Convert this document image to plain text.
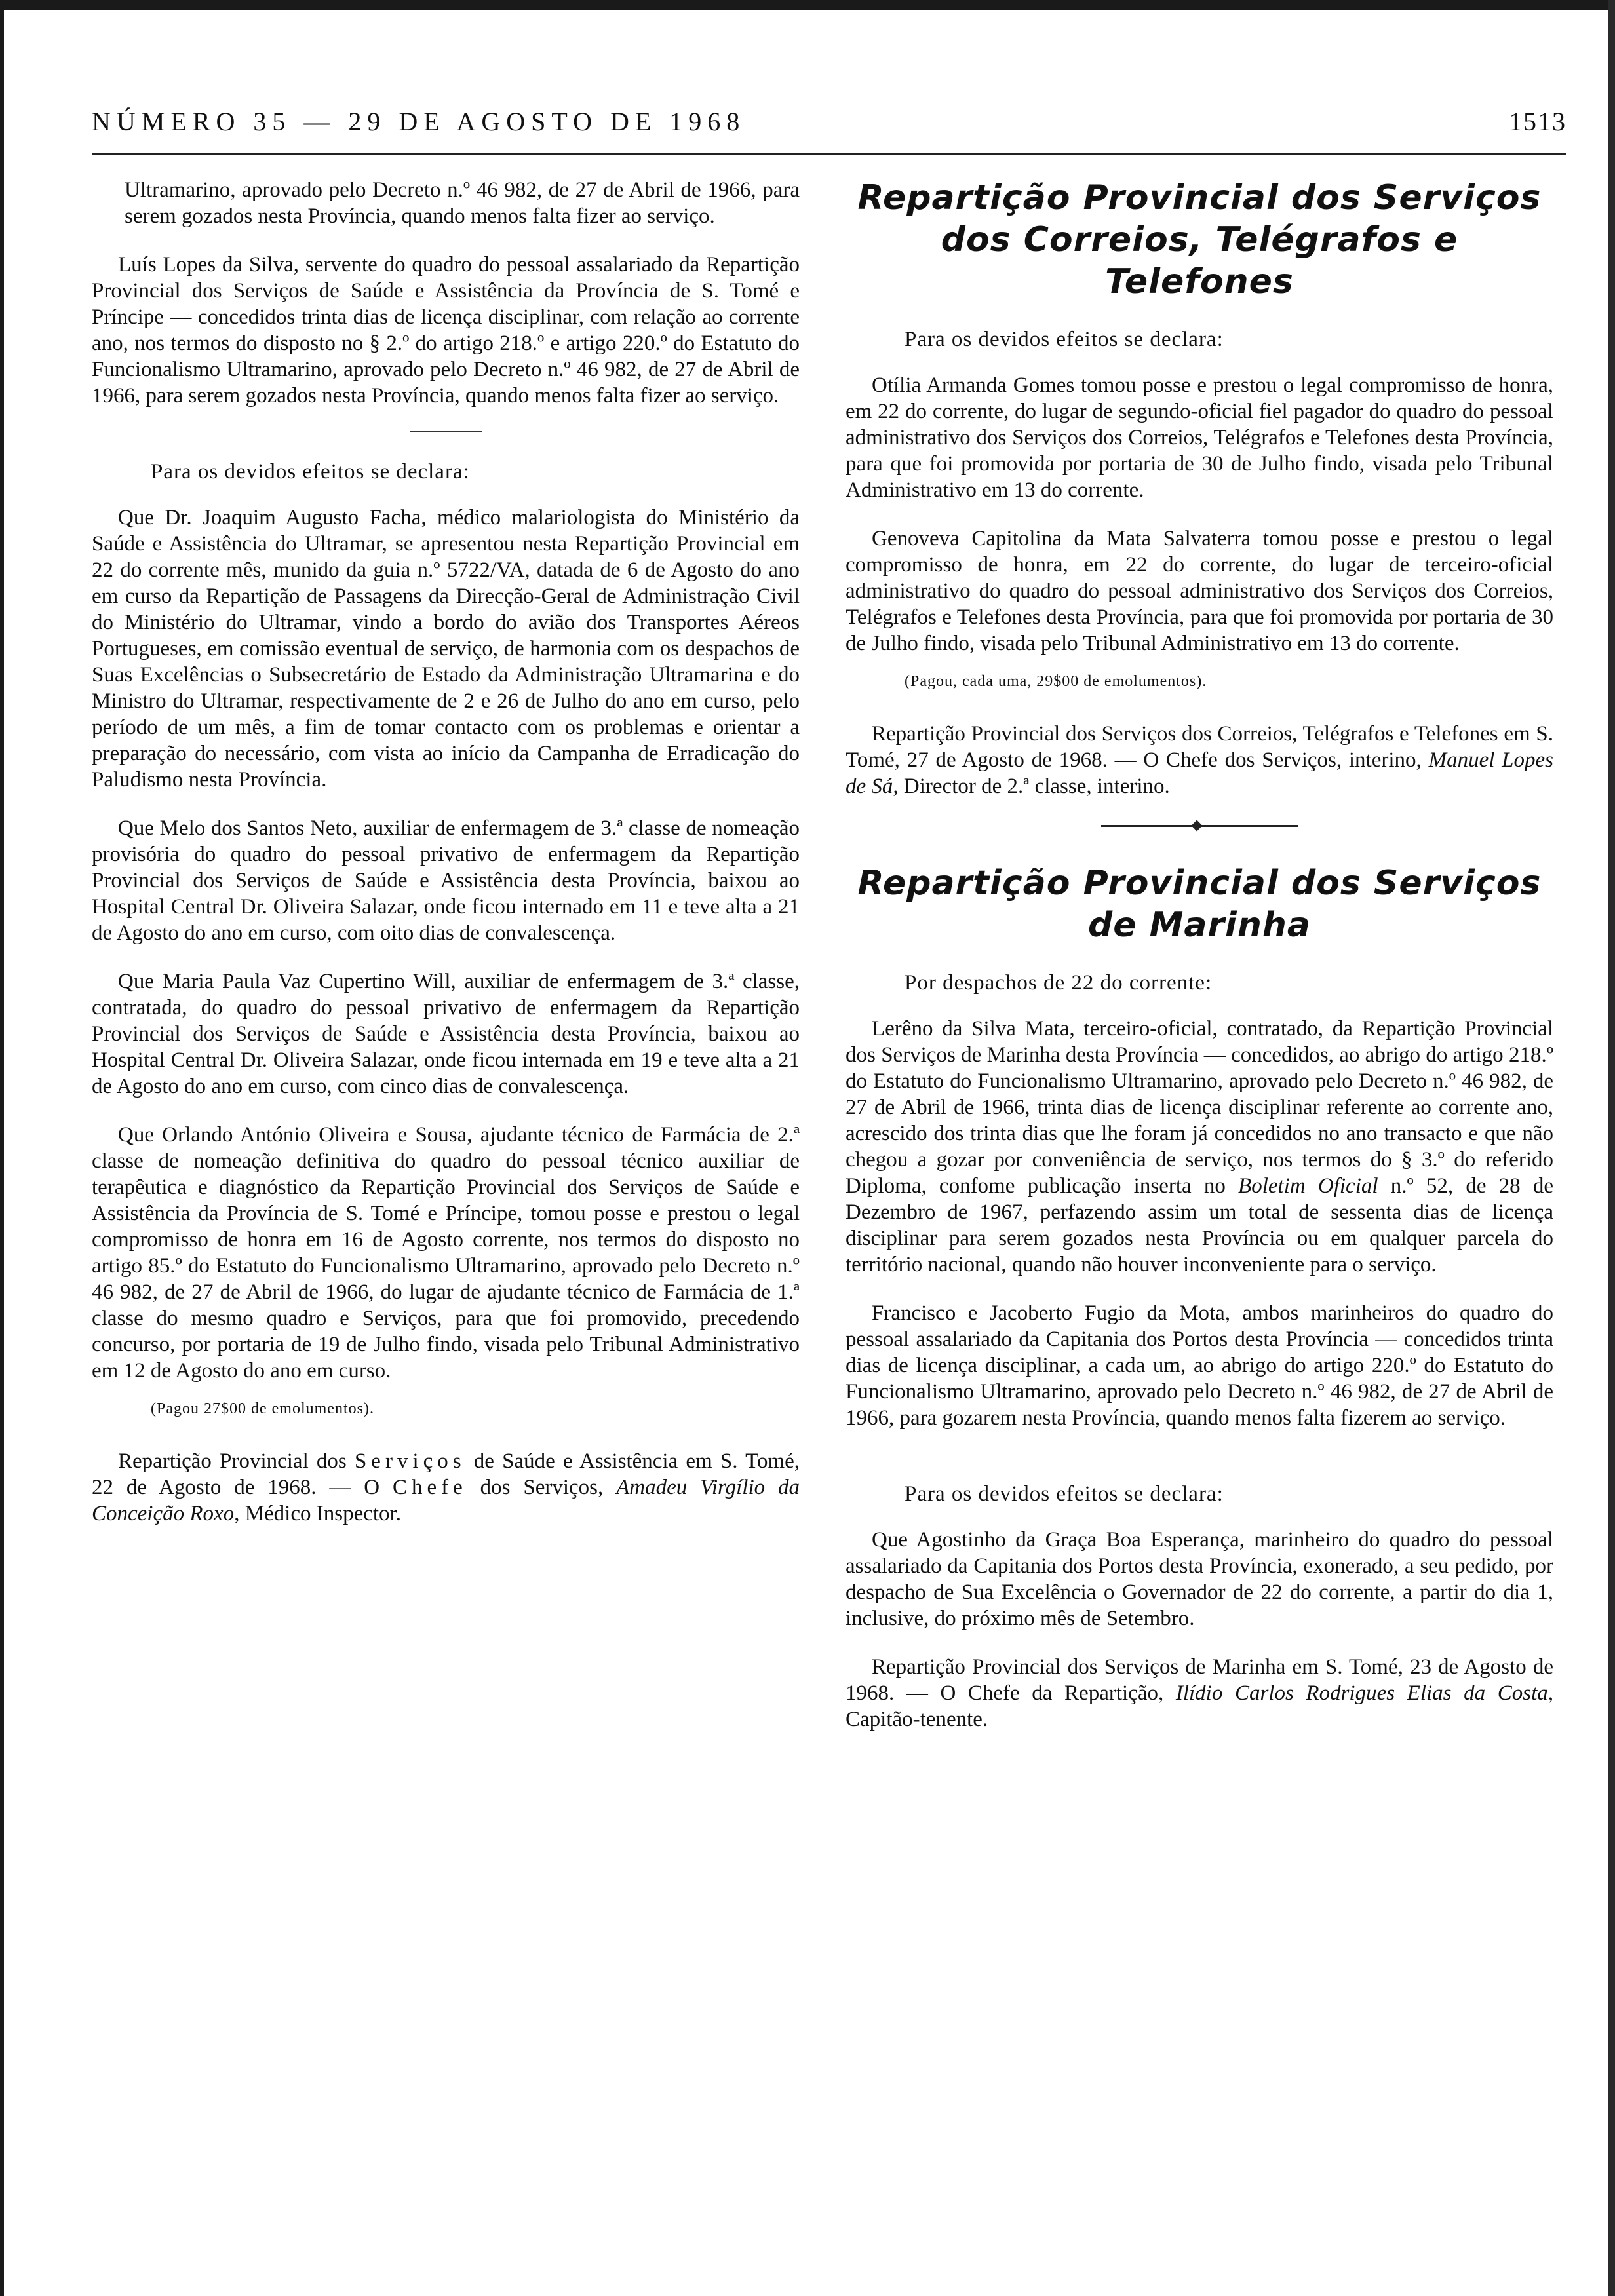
NÚMERO 35 — 29 DE AGOSTO DE 1968	1513

Ultramarino, aprovado pelo Decreto n.º 46 982, de 27 de Abril de 1966, para serem gozados nesta Província, quando menos falta fizer ao serviço.

Luís Lopes da Silva, servente do quadro do pessoal assalariado da Repartição Provincial dos Serviços de Saúde e Assistência da Província de S. Tomé e Príncipe — concedidos trinta dias de licença disciplinar, com relação ao corrente ano, nos termos do disposto no § 2.º do artigo 218.º e artigo 220.º do Estatuto do Funcionalismo Ultramarino, aprovado pelo Decreto n.º 46 982, de 27 de Abril de 1966, para serem gozados nesta Província, quando menos falta fizer ao serviço.

Para os devidos efeitos se declara:

Que Dr. Joaquim Augusto Facha, médico malariologista do Ministério da Saúde e Assistência do Ultramar, se apresentou nesta Repartição Provincial em 22 do corrente mês, munido da guia n.º 5722/VA, datada de 6 de Agosto do ano em curso da Repartição de Passagens da Direcção-Geral de Administração Civil do Ministério do Ultramar, vindo a bordo do avião dos Transportes Aéreos Portugueses, em comissão eventual de serviço, de harmonia com os despachos de Suas Excelências o Subsecretário de Estado da Administração Ultramarina e do Ministro do Ultramar, respectivamente de 2 e 26 de Julho do ano em curso, pelo período de um mês, a fim de tomar contacto com os problemas e orientar a preparação do necessário, com vista ao início da Campanha de Erradicação do Paludismo nesta Província.

Que Melo dos Santos Neto, auxiliar de enfermagem de 3.ª classe de nomeação provisória do quadro do pessoal privativo de enfermagem da Repartição Provincial dos Serviços de Saúde e Assistência desta Província, baixou ao Hospital Central Dr. Oliveira Salazar, onde ficou internado em 11 e teve alta a 21 de Agosto do ano em curso, com oito dias de convalescença.

Que Maria Paula Vaz Cupertino Will, auxiliar de enfermagem de 3.ª classe, contratada, do quadro do pessoal privativo de enfermagem da Repartição Provincial dos Serviços de Saúde e Assistência desta Província, baixou ao Hospital Central Dr. Oliveira Salazar, onde ficou internada em 19 e teve alta a 21 de Agosto do ano em curso, com cinco dias de convalescença.

Que Orlando António Oliveira e Sousa, ajudante técnico de Farmácia de 2.ª classe de nomeação definitiva do quadro do pessoal técnico auxiliar de terapêutica e diagnóstico da Repartição Provincial dos Serviços de Saúde e Assistência da Província de S. Tomé e Príncipe, tomou posse e prestou o legal compromisso de honra em 16 de Agosto corrente, nos termos do disposto no artigo 85.º do Estatuto do Funcionalismo Ultramarino, aprovado pelo Decreto n.º 46 982, de 27 de Abril de 1966, do lugar de ajudante técnico de Farmácia de 1.ª classe do mesmo quadro e Serviços, para que foi promovido, precedendo concurso, por portaria de 19 de Julho findo, visada pelo Tribunal Administrativo em 12 de Agosto do ano em curso.

(Pagou 27$00 de emolumentos).

Repartição Provincial dos Serviços de Saúde e Assistência em S. Tomé, 22 de Agosto de 1968. — O Chefe dos Serviços, Amadeu Virgílio da Conceição Roxo, Médico Inspector.

Repartição Provincial dos Serviços dos Correios, Telégrafos e Telefones

Para os devidos efeitos se declara:

Otília Armanda Gomes tomou posse e prestou o legal compromisso de honra, em 22 do corrente, do lugar de segundo-oficial fiel pagador do quadro do pessoal administrativo dos Serviços dos Correios, Telégrafos e Telefones desta Província, para que foi promovida por portaria de 30 de Julho findo, visada pelo Tribunal Administrativo em 13 do corrente.

Genoveva Capitolina da Mata Salvaterra tomou posse e prestou o legal compromisso de honra, em 22 do corrente, do lugar de terceiro-oficial administrativo do quadro do pessoal administrativo dos Serviços dos Correios, Telégrafos e Telefones desta Província, para que foi promovida por portaria de 30 de Julho findo, visada pelo Tribunal Administrativo em 13 do corrente.

(Pagou, cada uma, 29$00 de emolumentos).

Repartição Provincial dos Serviços dos Correios, Telégrafos e Telefones em S. Tomé, 27 de Agosto de 1968. — O Chefe dos Serviços, interino, Manuel Lopes de Sá, Director de 2.ª classe, interino.

Repartição Provincial dos Serviços de Marinha

Por despachos de 22 do corrente:

Lerêno da Silva Mata, terceiro-oficial, contratado, da Repartição Provincial dos Serviços de Marinha desta Província — concedidos, ao abrigo do artigo 218.º do Estatuto do Funcionalismo Ultramarino, aprovado pelo Decreto n.º 46 982, de 27 de Abril de 1966, trinta dias de licença disciplinar referente ao corrente ano, acrescido dos trinta dias que lhe foram já concedidos no ano transacto e que não chegou a gozar por conveniência de serviço, nos termos do § 3.º do referido Diploma, confome publicação inserta no Boletim Oficial n.º 52, de 28 de Dezembro de 1967, perfazendo assim um total de sessenta dias de licença disciplinar para serem gozados nesta Província ou em qualquer parcela do território nacional, quando não houver inconveniente para o serviço.

Francisco e Jacoberto Fugio da Mota, ambos marinheiros do quadro do pessoal assalariado da Capitania dos Portos desta Província — concedidos trinta dias de licença disciplinar, a cada um, ao abrigo do artigo 220.º do Estatuto do Funcionalismo Ultramarino, aprovado pelo Decreto n.º 46 982, de 27 de Abril de 1966, para gozarem nesta Província, quando menos falta fizerem ao serviço.

Para os devidos efeitos se declara:

Que Agostinho da Graça Boa Esperança, marinheiro do quadro do pessoal assalariado da Capitania dos Portos desta Província, exonerado, a seu pedido, por despacho de Sua Excelência o Governador de 22 do corrente, a partir do dia 1, inclusive, do próximo mês de Setembro.

Repartição Provincial dos Serviços de Marinha em S. Tomé, 23 de Agosto de 1968. — O Chefe da Repartição, Ilídio Carlos Rodrigues Elias da Costa, Capitão-tenente.
